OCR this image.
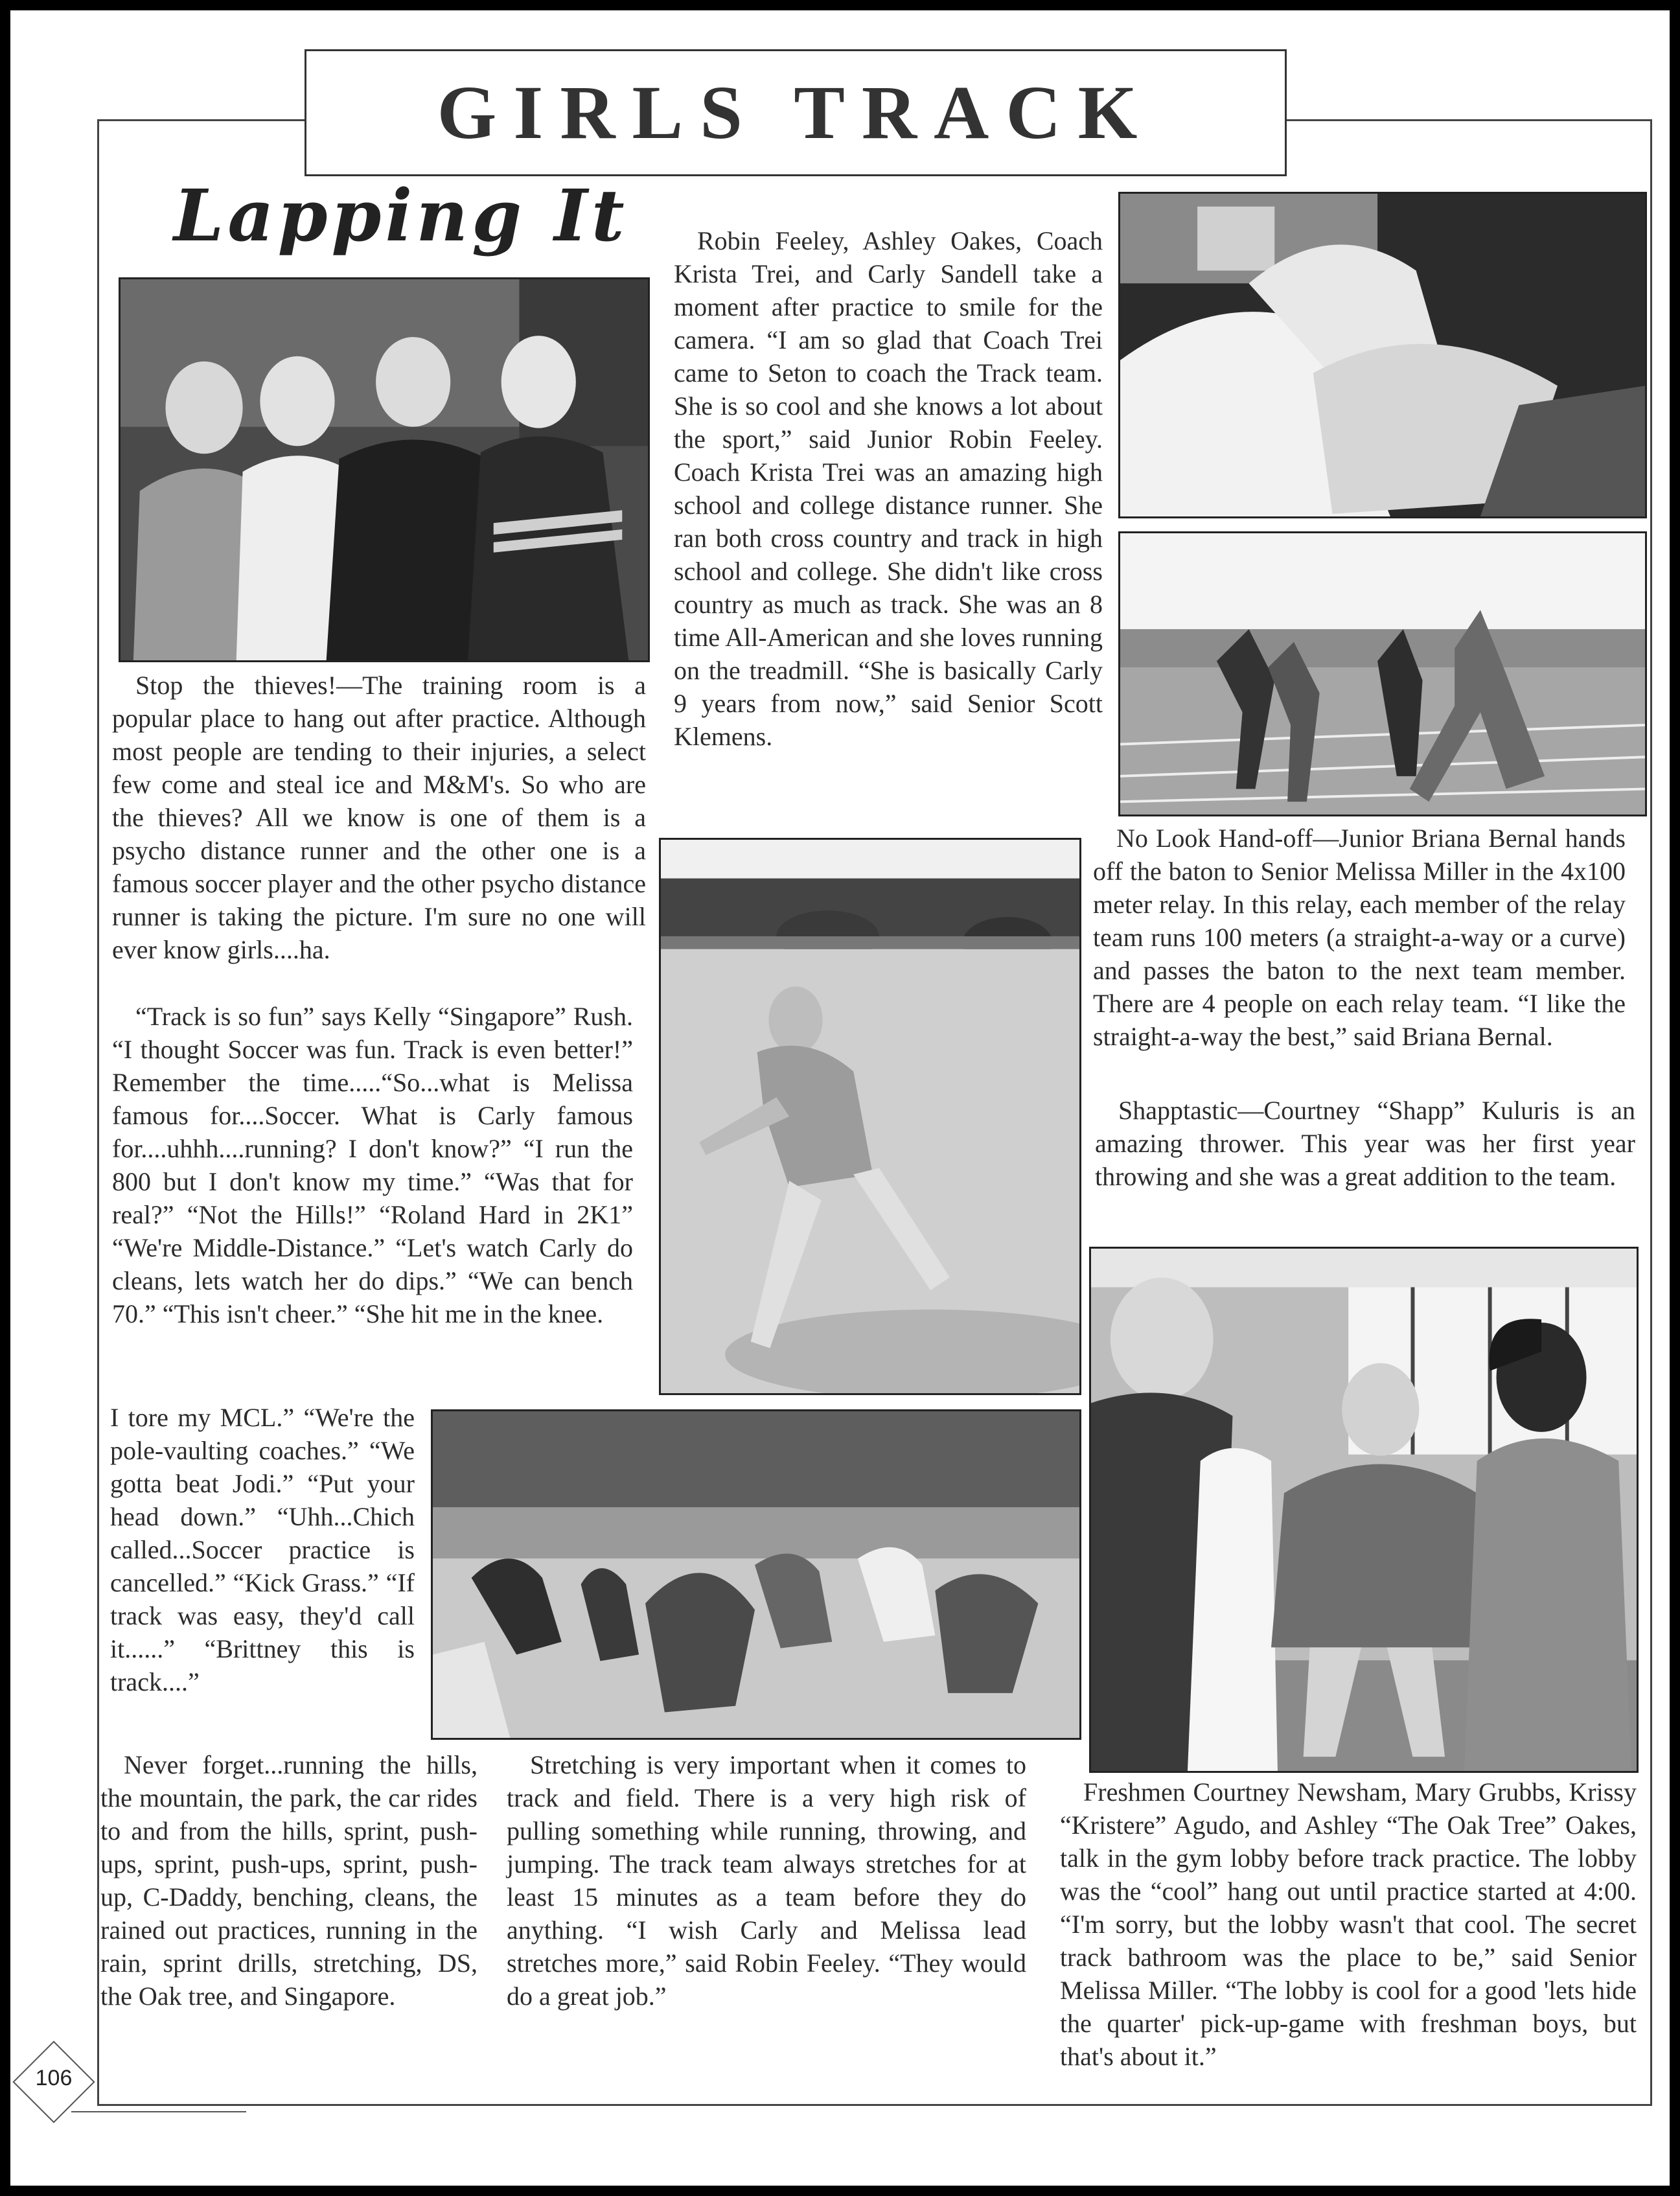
GIRLS TRACK
Lapping It

Stop the thieves!—The training room is a popular place to hang out after practice. Although most people are tending to their injuries, a select few come and steal ice and M&M's. So who are the thieves? All we know is one of them is a psycho distance runner and the other one is a famous soccer player and the other psycho distance runner is taking the picture. I'm sure no one will ever know girls....ha.

“Track is so fun” says Kelly “Singapore” Rush. “I thought Soccer was fun. Track is even better!” Remember the time.....“So...what is Melissa famous for....Soccer. What is Carly famous for....uhhh....running? I don't know?” “I run the 800 but I don't know my time.” “Was that for real?” “Not the Hills!” “Roland Hard in 2K1” “We're Middle-Distance.” “Let's watch Carly do cleans, lets watch her do dips.” “We can bench 70.” “This isn't cheer.” “She hit me in the knee.

I tore my MCL.” “We're the pole-vaulting coaches.” “We gotta beat Jodi.” “Put your head down.” “Uhh...Chich called...Soccer practice is cancelled.” “Kick Grass.” “If track was easy, they'd call it......” “Brittney this is track....”

Never forget...running the hills, the mountain, the park, the car rides to and from the hills, sprint, push-ups, sprint, push-ups, sprint, push-up, C-Daddy, benching, cleans, the rained out practices, running in the rain, sprint drills, stretching, DS, the Oak tree, and Singapore.

Robin Feeley, Ashley Oakes, Coach Krista Trei, and Carly Sandell take a moment after practice to smile for the camera. “I am so glad that Coach Trei came to Seton to coach the Track team. She is so cool and she knows a lot about the sport,” said Junior Robin Feeley. Coach Krista Trei was an amazing high school and college distance runner. She ran both cross country and track in high school and college. She didn't like cross country as much as track. She was an 8 time All-American and she loves running on the treadmill. “She is basically Carly 9 years from now,” said Senior Scott Klemens.

Stretching is very important when it comes to track and field. There is a very high risk of pulling something while running, throwing, and jumping. The track team always stretches for at least 15 minutes as a team before they do anything. “I wish Carly and Melissa lead stretches more,” said Robin Feeley. “They would do a great job.”

No Look Hand-off—Junior Briana Bernal hands off the baton to Senior Melissa Miller in the 4x100 meter relay. In this relay, each member of the relay team runs 100 meters (a straight-a-way or a curve) and passes the baton to the next team member. There are 4 people on each relay team. “I like the straight-a-way the best,” said Briana Bernal.

Shapptastic—Courtney “Shapp” Kuluris is an amazing thrower. This year was her first year throwing and she was a great addition to the team.

Freshmen Courtney Newsham, Mary Grubbs, Krissy “Kristere” Agudo, and Ashley “The Oak Tree” Oakes, talk in the gym lobby before track practice. The lobby was the “cool” hang out until practice started at 4:00. “I'm sorry, but the lobby wasn't that cool. The secret track bathroom was the place to be,” said Senior Melissa Miller. “The lobby is cool for a good 'lets hide the quarter' pick-up-game with freshman boys, but that's about it.”

106
